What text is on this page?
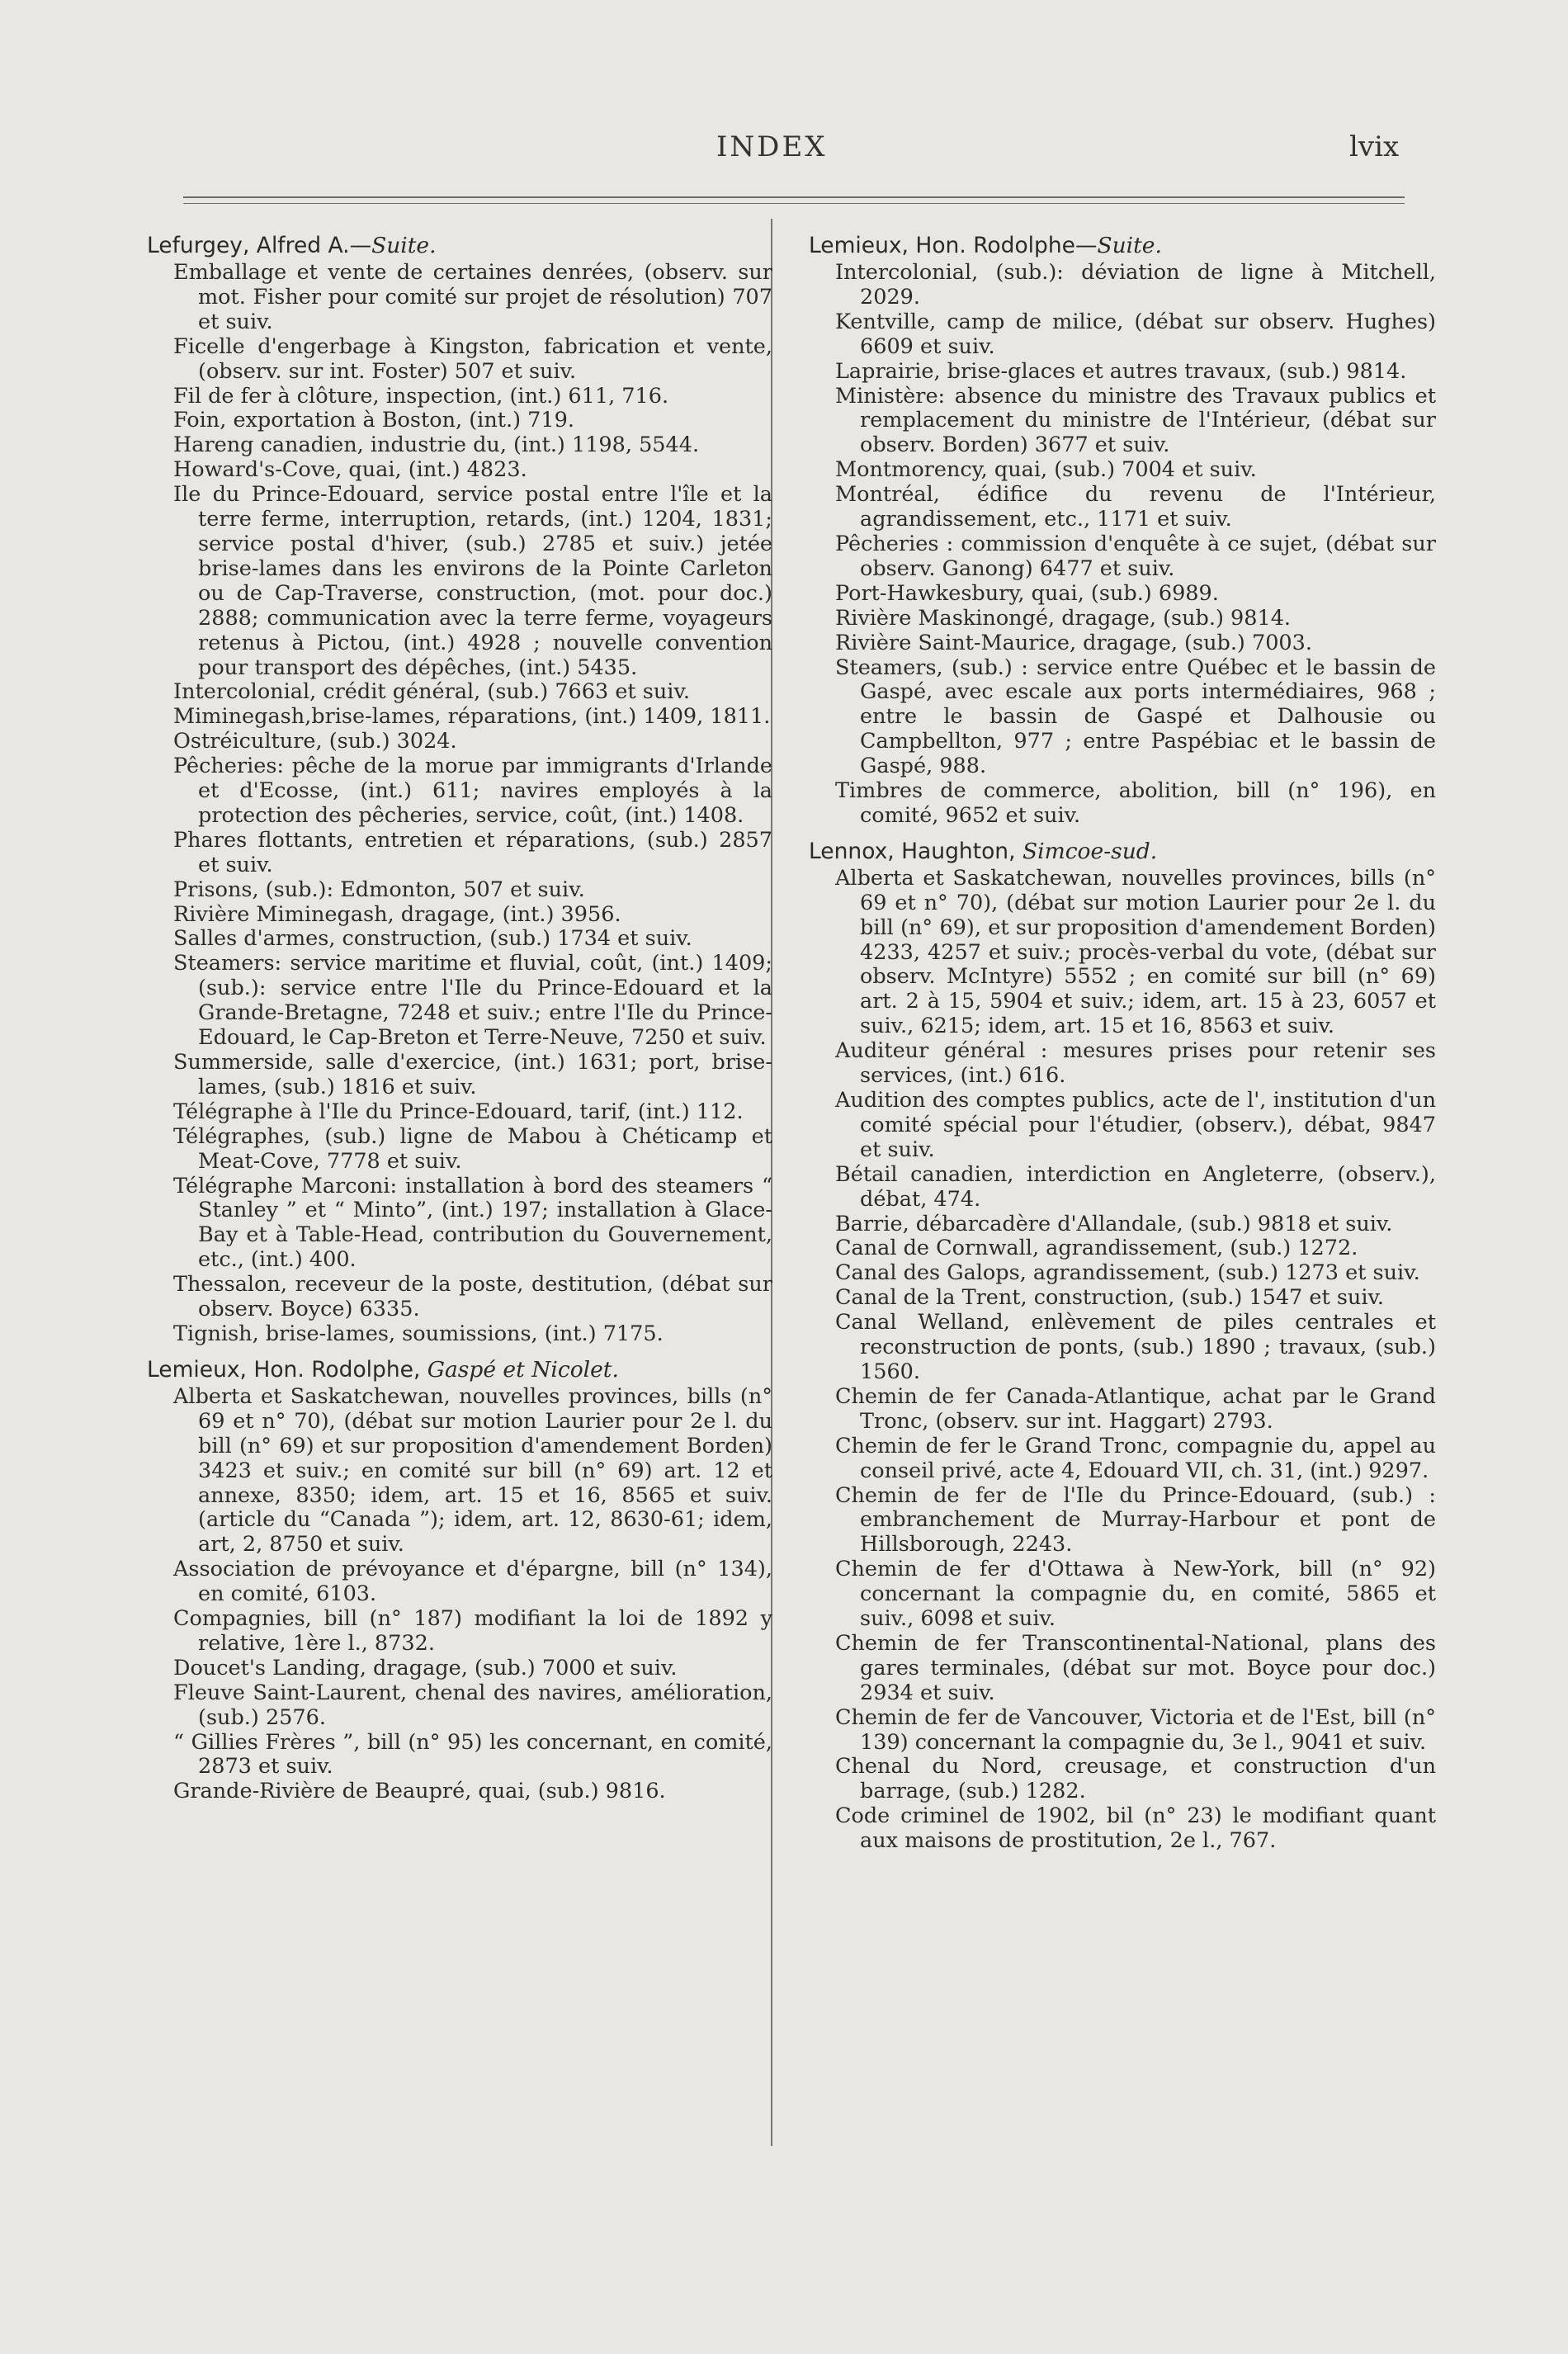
INDEX	lvix
Lefurgey, Alfred A.—Suite.

Emballage et vente de certaines denrées, (observ. sur mot. Fisher pour comité sur projet de résolution) 707 et suiv.

Ficelle d'engerbage à Kingston, fabrication et vente, (observ. sur int. Foster) 507 et suiv.

Fil de fer à clôture, inspection, (int.) 611, 716.

Foin, exportation à Boston, (int.) 719.

Hareng canadien, industrie du, (int.) 1198, 5544.

Howard's-Cove, quai, (int.) 4823.

Ile du Prince-Edouard, service postal entre l'île et la terre ferme, interruption, retards, (int.) 1204, 1831; service postal d'hiver, (sub.) 2785 et suiv.) jetée brise-lames dans les environs de la Pointe Carleton ou de Cap-Traverse, construction, (mot. pour doc.) 2888; communication avec la terre ferme, voyageurs retenus à Pictou, (int.) 4928 ; nouvelle convention pour transport des dépêches, (int.) 5435.

Intercolonial, crédit général, (sub.) 7663 et suiv.

Miminegash,brise-lames, réparations, (int.) 1409, 1811.

Ostréiculture, (sub.) 3024.

Pêcheries: pêche de la morue par immigrants d'Irlande et d'Ecosse, (int.) 611; navires employés à la protection des pêcheries, service, coût, (int.) 1408.

Phares flottants, entretien et réparations, (sub.) 2857 et suiv.

Prisons, (sub.): Edmonton, 507 et suiv.

Rivière Miminegash, dragage, (int.) 3956.

Salles d'armes, construction, (sub.) 1734 et suiv.

Steamers: service maritime et fluvial, coût, (int.) 1409; (sub.): service entre l'Ile du Prince-Edouard et la Grande-Bretagne, 7248 et suiv.; entre l'Ile du Prince-Edouard, le Cap-Breton et Terre-Neuve, 7250 et suiv.

Summerside, salle d'exercice, (int.) 1631; port, brise-lames, (sub.) 1816 et suiv.

Télégraphe à l'Ile du Prince-Edouard, tarif, (int.) 112.

Télégraphes, (sub.) ligne de Mabou à Chéticamp et Meat-Cove, 7778 et suiv.

Télégraphe Marconi: installation à bord des steamers “ Stanley ” et “ Minto”, (int.) 197; installation à Glace-Bay et à Table-Head, contribution du Gouvernement, etc., (int.) 400.

Thessalon, receveur de la poste, destitution, (débat sur observ. Boyce) 6335.

Tignish, brise-lames, soumissions, (int.) 7175.

Lemieux, Hon. Rodolphe, Gaspé et Nicolet.

Alberta et Saskatchewan, nouvelles provinces, bills (n° 69 et n° 70), (débat sur motion Laurier pour 2e l. du bill (n° 69) et sur proposition d'amendement Borden) 3423 et suiv.; en comité sur bill (n° 69) art. 12 et annexe, 8350; idem, art. 15 et 16, 8565 et suiv. (article du “Canada ”); idem, art. 12, 8630-61; idem, art, 2, 8750 et suiv.

Association de prévoyance et d'épargne, bill (n° 134), en comité, 6103.

Compagnies, bill (n° 187) modifiant la loi de 1892 y relative, 1ère l., 8732.

Doucet's Landing, dragage, (sub.) 7000 et suiv.

Fleuve Saint-Laurent, chenal des navires, amélioration, (sub.) 2576.

“ Gillies Frères ”, bill (n° 95) les concernant, en comité, 2873 et suiv.

Grande-Rivière de Beaupré, quai, (sub.) 9816.

Lemieux, Hon. Rodolphe—Suite.

Intercolonial, (sub.): déviation de ligne à Mitchell, 2029.

Kentville, camp de milice, (débat sur observ. Hughes) 6609 et suiv.

Laprairie, brise-glaces et autres travaux, (sub.) 9814.

Ministère: absence du ministre des Travaux publics et remplacement du ministre de l'Intérieur, (débat sur observ. Borden) 3677 et suiv.

Montmorency, quai, (sub.) 7004 et suiv.

Montréal, édifice du revenu de l'Intérieur, agrandissement, etc., 1171 et suiv.

Pêcheries : commission d'enquête à ce sujet, (débat sur observ. Ganong) 6477 et suiv.

Port-Hawkesbury, quai, (sub.) 6989.

Rivière Maskinongé, dragage, (sub.) 9814.

Rivière Saint-Maurice, dragage, (sub.) 7003.

Steamers, (sub.) : service entre Québec et le bassin de Gaspé, avec escale aux ports intermédiaires, 968 ; entre le bassin de Gaspé et Dalhousie ou Campbellton, 977 ; entre Paspébiac et le bassin de Gaspé, 988.

Timbres de commerce, abolition, bill (n° 196), en comité, 9652 et suiv.

Lennox, Haughton, Simcoe-sud.

Alberta et Saskatchewan, nouvelles provinces, bills (n° 69 et n° 70), (débat sur motion Laurier pour 2e l. du bill (n° 69), et sur proposition d'amendement Borden) 4233, 4257 et suiv.; procès-verbal du vote, (débat sur observ. McIntyre) 5552 ; en comité sur bill (n° 69) art. 2 à 15, 5904 et suiv.; idem, art. 15 à 23, 6057 et suiv., 6215; idem, art. 15 et 16, 8563 et suiv.

Auditeur général : mesures prises pour retenir ses services, (int.) 616.

Audition des comptes publics, acte de l', institution d'un comité spécial pour l'étudier, (observ.), débat, 9847 et suiv.

Bétail canadien, interdiction en Angleterre, (observ.), débat, 474.

Barrie, débarcadère d'Allandale, (sub.) 9818 et suiv.

Canal de Cornwall, agrandissement, (sub.) 1272.

Canal des Galops, agrandissement, (sub.) 1273 et suiv.

Canal de la Trent, construction, (sub.) 1547 et suiv.

Canal Welland, enlèvement de piles centrales et reconstruction de ponts, (sub.) 1890 ; travaux, (sub.) 1560.

Chemin de fer Canada-Atlantique, achat par le Grand Tronc, (observ. sur int. Haggart) 2793.

Chemin de fer le Grand Tronc, compagnie du, appel au conseil privé, acte 4, Edouard VII, ch. 31, (int.) 9297.

Chemin de fer de l'Ile du Prince-Edouard, (sub.) : embranchement de Murray-Harbour et pont de Hillsborough, 2243.

Chemin de fer d'Ottawa à New-York, bill (n° 92) concernant la compagnie du, en comité, 5865 et suiv., 6098 et suiv.

Chemin de fer Transcontinental-National, plans des gares terminales, (débat sur mot. Boyce pour doc.) 2934 et suiv.

Chemin de fer de Vancouver, Victoria et de l'Est, bill (n° 139) concernant la compagnie du, 3e l., 9041 et suiv.

Chenal du Nord, creusage, et construction d'un barrage, (sub.) 1282.

Code criminel de 1902, bil (n° 23) le modifiant quant aux maisons de prostitution, 2e l., 767.
